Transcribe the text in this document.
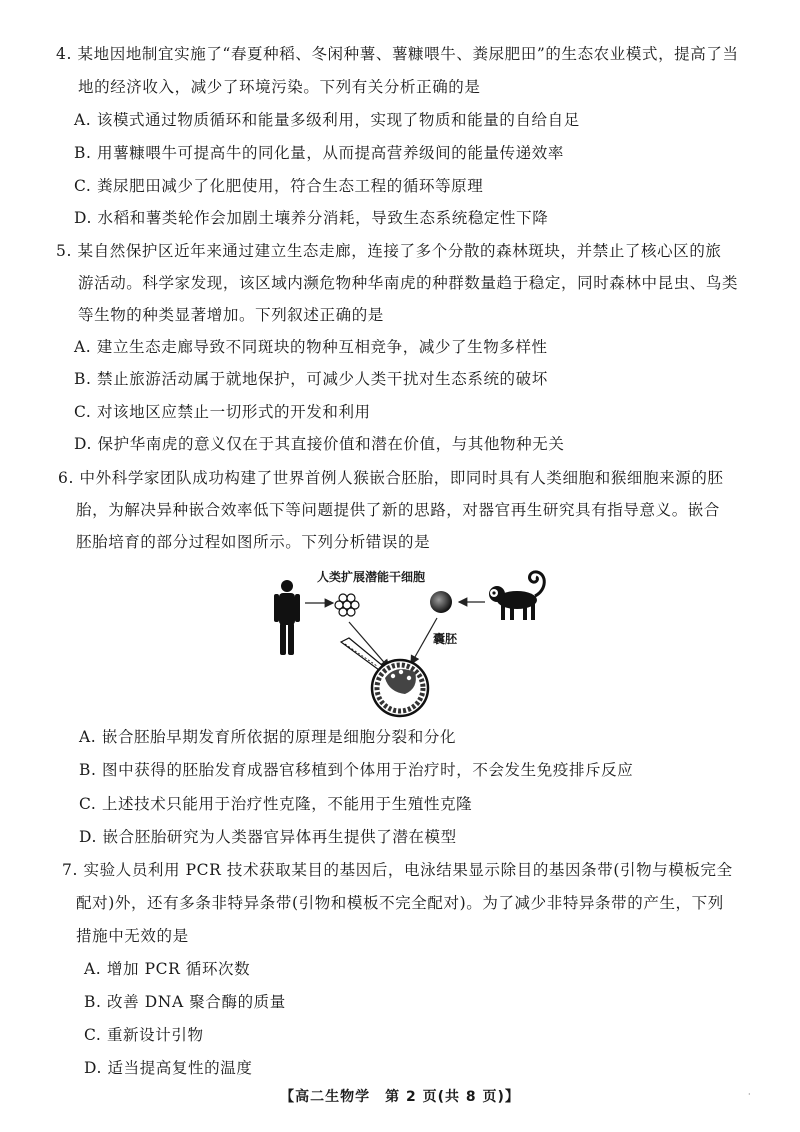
4. 某地因地制宜实施了“春夏种稻、冬闲种薯、薯糠喂牛、粪尿肥田”的生态农业模式，提高了当
地的经济收入，减少了环境污染。下列有关分析正确的是
A. 该模式通过物质循环和能量多级利用，实现了物质和能量的自给自足
B. 用薯糠喂牛可提高牛的同化量，从而提高营养级间的能量传递效率
C. 粪尿肥田减少了化肥使用，符合生态工程的循环等原理
D. 水稻和薯类轮作会加剧土壤养分消耗，导致生态系统稳定性下降
5. 某自然保护区近年来通过建立生态走廊，连接了多个分散的森林斑块，并禁止了核心区的旅
游活动。科学家发现，该区域内濒危物种华南虎的种群数量趋于稳定，同时森林中昆虫、鸟类
等生物的种类显著增加。下列叙述正确的是
A. 建立生态走廊导致不同斑块的物种互相竞争，减少了生物多样性
B. 禁止旅游活动属于就地保护，可减少人类干扰对生态系统的破坏
C. 对该地区应禁止一切形式的开发和利用
D. 保护华南虎的意义仅在于其直接价值和潜在价值，与其他物种无关
6. 中外科学家团队成功构建了世界首例人猴嵌合胚胎，即同时具有人类细胞和猴细胞来源的胚
胎，为解决异种嵌合效率低下等问题提供了新的思路，对器官再生研究具有指导意义。嵌合
胚胎培育的部分过程如图所示。下列分析错误的是
人类扩展潜能干细胞
囊胚
A. 嵌合胚胎早期发育所依据的原理是细胞分裂和分化
B. 图中获得的胚胎发育成器官移植到个体用于治疗时，不会发生免疫排斥反应
C. 上述技术只能用于治疗性克隆，不能用于生殖性克隆
D. 嵌合胚胎研究为人类器官异体再生提供了潜在模型
7. 实验人员利用 PCR 技术获取某目的基因后，电泳结果显示除目的基因条带(引物与模板完全
配对)外，还有多条非特异条带(引物和模板不完全配对)。为了减少非特异条带的产生，下列
措施中无效的是
A. 增加 PCR 循环次数
B. 改善 DNA 聚合酶的质量
C. 重新设计引物
D. 适当提高复性的温度
【高二生物学　第 2 页(共 8 页)】	·
